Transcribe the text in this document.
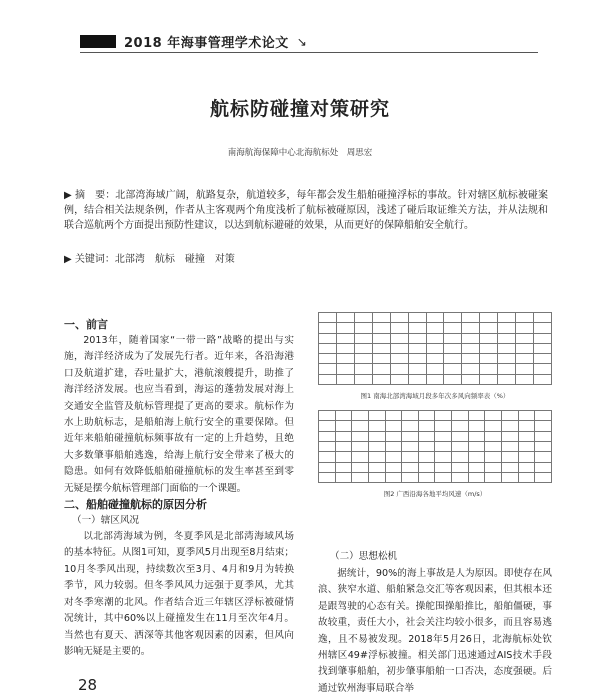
2018 年海事管理学术论文 ↘
航标防碰撞对策研究
南海航海保障中心北海航标处　周思宏
▶ 摘　要：北部湾海域广阔，航路复杂，航道较多，每年都会发生船舶碰撞浮标的事故。针对辖区航标被碰案例，结合相关法规条例，作者从主客观两个角度浅析了航标被碰原因，浅述了碰后取证维关方法，并从法规和联合巡航两个方面提出预防性建议，以达到航标避碰的效果，从而更好的保障船舶安全航行。
▶ 关键词：北部湾　航标　碰撞　对策
一、前言

2013年，随着国家“一带一路”战略的提出与实施，海洋经济成为了发展先行者。近年来，各沿海港口及航道扩建，吞吐量扩大，港航滚艘提升，助推了海洋经济发展。也应当看到，海运的蓬勃发展对海上交通安全监管及航标管理提了更高的要求。航标作为水上助航标志，是船舶海上航行安全的重要保障。但近年来船舶碰撞航标频事故有一定的上升趋势，且绝大多数肇事船舶逃逸，给海上航行安全带来了极大的隐患。如何有效降低船舶碰撞航标的发生率甚至到零无疑是摆今航标管理部门面临的一个课题。

二、船舶碰撞航标的原因分析
（一）辖区风况

以北部湾海域为例，冬夏季风是北部湾海域风场的基本特征。从图1可知，夏季风5月出现至8月结束；10月冬季风出现，持续数次至3月、4月和9月为转换季节，风力较弱。但冬季风风力远强于夏季风，尤其对冬季寒潮的北风。作者结合近三年辖区浮标被碰情况统计，其中60%以上碰撞发生在11月至次年4月。当然也有夏天、洒深等其他客观因素的因素，但风向影响无疑是主要的。

图1 南海北部湾海域月段多年次多风向频率表（%）

图2 广西沿海各地平均风速（m/s）
（二）思想松机
据统计，90%的海上事故是人为原因。即使存在风浪、狭窄水道、船舶紧急交汇等客观因素，但其根本还是跟驾驶的心态有关。操舵围操船推比，船舶僵硬，事故较重，责任大小，社会关注均较小很多，而且容易逃逸，且不易被发现。2018年5月26日，北海航标处钦州辖区49#浮标被撞。相关部门迅速通过AIS技术手段找到肇事船舶，初步肇事船舶一口否决，态度强硬。后通过钦州海事局联合举
28
